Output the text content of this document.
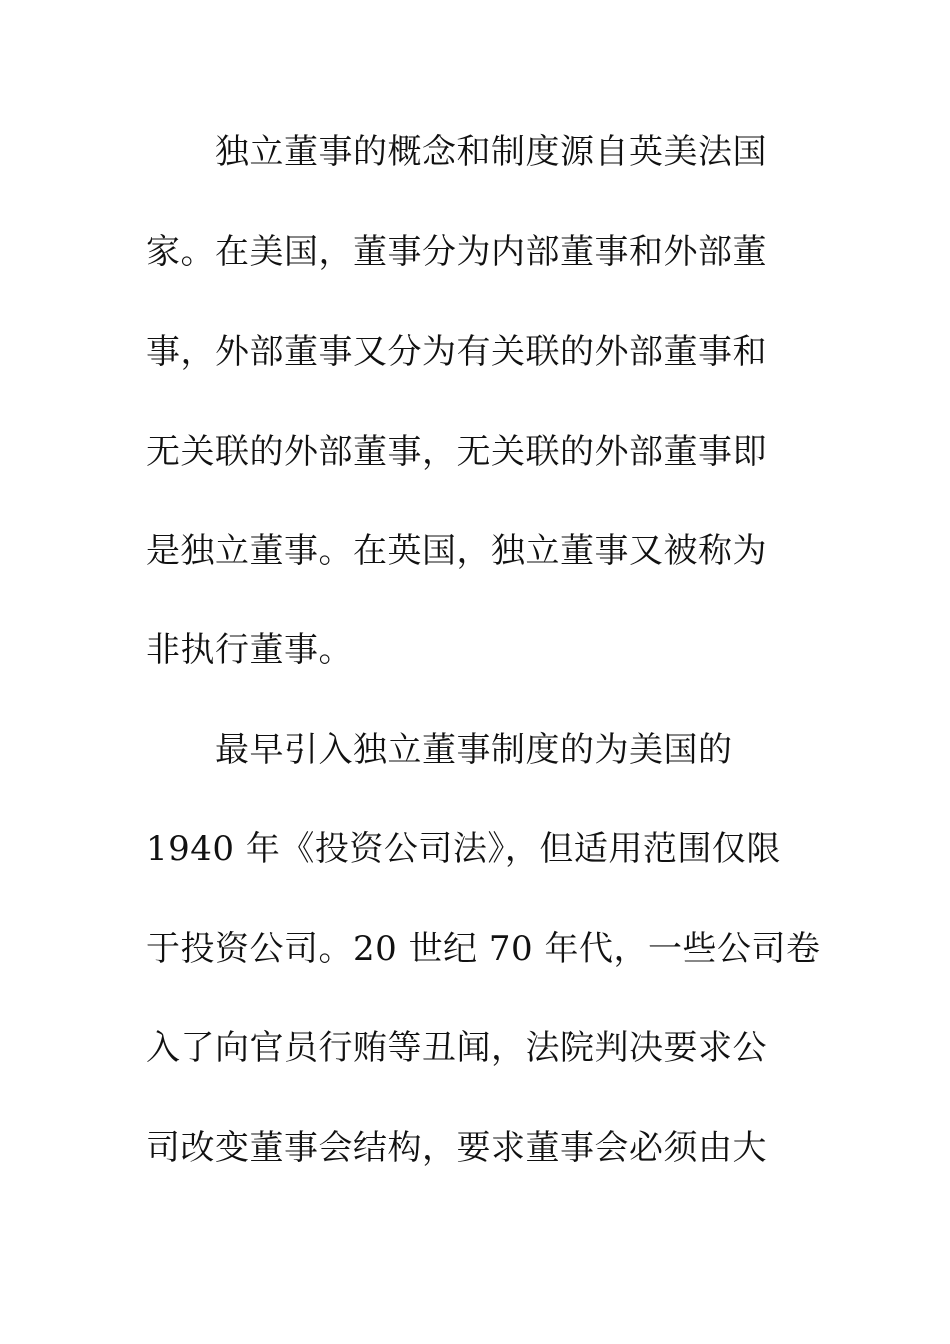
独立董事的概念和制度源自英美法国
家。在美国，董事分为内部董事和外部董
事，外部董事又分为有关联的外部董事和
无关联的外部董事，无关联的外部董事即
是独立董事。在英国，独立董事又被称为
非执行董事。
最早引入独立董事制度的为美国的
1940 年《投资公司法》，但适用范围仅限
于投资公司。20 世纪 70 年代，一些公司卷
入了向官员行贿等丑闻，法院判决要求公
司改变董事会结构，要求董事会必须由大
